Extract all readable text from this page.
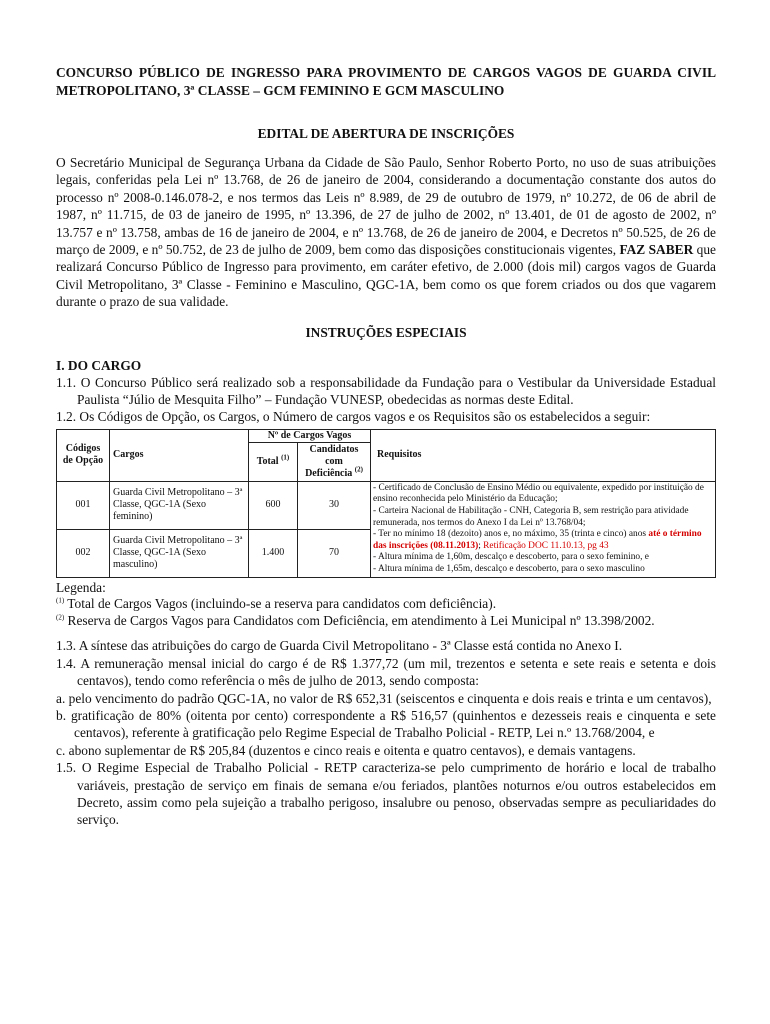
CONCURSO PÚBLICO DE INGRESSO PARA PROVIMENTO DE CARGOS VAGOS DE GUARDA CIVIL METROPOLITANO, 3ª CLASSE – GCM FEMININO E GCM MASCULINO

EDITAL DE ABERTURA DE INSCRIÇÕES

O Secretário Municipal de Segurança Urbana da Cidade de São Paulo, Senhor Roberto Porto, no uso de suas atribuições legais, conferidas pela Lei nº 13.768, de 26 de janeiro de 2004, considerando a documentação constante dos autos do processo nº 2008-0.146.078-2, e nos termos das Leis nº 8.989, de 29 de outubro de 1979, nº 10.272, de 06 de abril de 1987, nº 11.715, de 03 de janeiro de 1995, nº 13.396, de 27 de julho de 2002, nº 13.401, de 01 de agosto de 2002, nº 13.757 e nº 13.758, ambas de 16 de janeiro de 2004, e nº 13.768, de 26 de janeiro de 2004, e Decretos nº 50.525, de 26 de março de 2009, e nº 50.752, de 23 de julho de 2009, bem como das disposições constitucionais vigentes, FAZ SABER que realizará Concurso Público de Ingresso para provimento, em caráter efetivo, de 2.000 (dois mil) cargos vagos de Guarda Civil Metropolitano, 3ª Classe - Feminino e Masculino, QGC-1A, bem como os que forem criados ou dos que vagarem durante o prazo de sua validade.

INSTRUÇÕES ESPECIAIS

I. DO CARGO

1.1. O Concurso Público será realizado sob a responsabilidade da Fundação para o Vestibular da Universidade Estadual Paulista “Júlio de Mesquita Filho” – Fundação VUNESP, obedecidas as normas deste Edital.

1.2. Os Códigos de Opção, os Cargos, o Número de cargos vagos e os Requisitos são os estabelecidos a seguir:

Códigos de Opção	Cargos	Nº de Cargos Vagos		Requisitos
		Total $^{(1)}$	Candidatos com Deficiência $^{(2)}$
001	Guarda Civil Metropolitano – 3ª Classe, QGC-1A (Sexo feminino)	600	30	- Certificado de Conclusão de Ensino Médio ou equivalente, expedido por instituição de ensino reconhecida pelo Ministério da Educação;
- Carteira Nacional de Habilitação - CNH, Categoria B, sem restrição para atividade remunerada, nos termos do Anexo I da Lei nº 13.768/04;
- Ter no mínimo 18 (dezoito) anos e, no máximo, 35 (trinta e cinco) anos até o término das inscrições (08.11.2013); Retificação DOC 11.10.13, pg 43
- Altura mínima de 1,60m, descalço e descoberto, para o sexo feminino, e
- Altura mínima de 1,65m, descalço e descoberto, para o sexo masculino

002	Guarda Civil Metropolitano – 3ª Classe, QGC-1A (Sexo masculino)	1.400	70	

Legenda:

$^{(1)}$ Total de Cargos Vagos (incluindo-se a reserva para candidatos com deficiência).

$^{(2)}$ Reserva de Cargos Vagos para Candidatos com Deficiência, em atendimento à Lei Municipal nº 13.398/2002.

1.3. A síntese das atribuições do cargo de Guarda Civil Metropolitano - 3ª Classe está contida no Anexo I.

1.4. A remuneração mensal inicial do cargo é de R$ 1.377,72 (um mil, trezentos e setenta e sete reais e setenta e dois centavos), tendo como referência o mês de julho de 2013, sendo composta:

a. pelo vencimento do padrão QGC-1A, no valor de R$ 652,31 (seiscentos e cinquenta e dois reais e trinta e um centavos),

b. gratificação de 80% (oitenta por cento) correspondente a R$ 516,57 (quinhentos e dezesseis reais e cinquenta e sete centavos), referente à gratificação pelo Regime Especial de Trabalho Policial - RETP, Lei n.º 13.768/2004, e

c. abono suplementar de R$ 205,84 (duzentos e cinco reais e oitenta e quatro centavos), e demais vantagens.

1.5. O Regime Especial de Trabalho Policial - RETP caracteriza-se pelo cumprimento de horário e local de trabalho variáveis, prestação de serviço em finais de semana e/ou feriados, plantões noturnos e/ou outros estabelecidos em Decreto, assim como pela sujeição a trabalho perigoso, insalubre ou penoso, observadas sempre as peculiaridades do serviço.
